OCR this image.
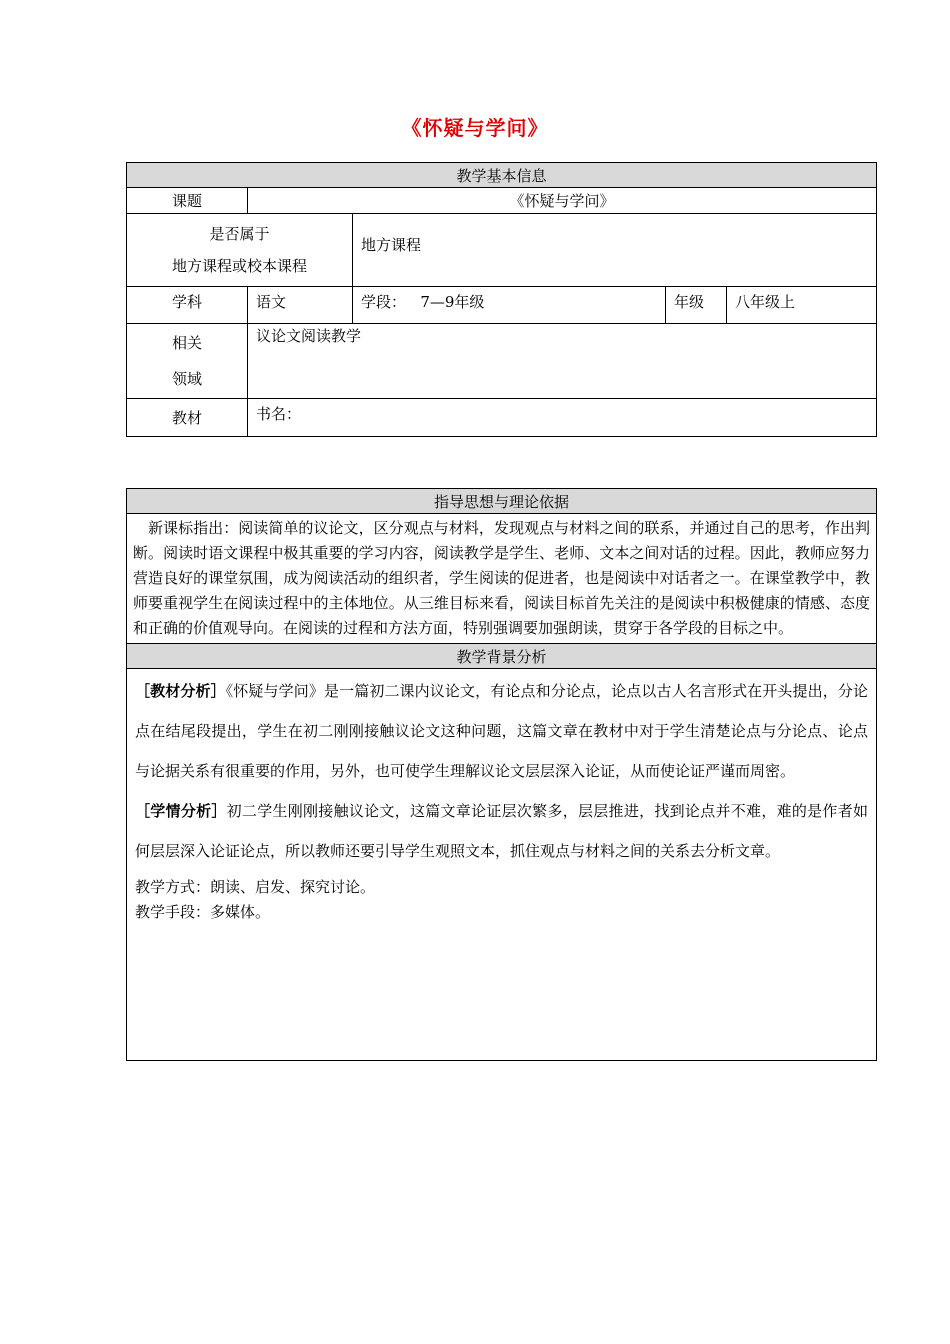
《怀疑与学问》
教学基本信息				
课题	《怀疑与学问》			

是否属于
地方课程或校本课程		地方课程		
学科	语文	学段： 7—9年级	年级	八年级上

相关
领域	议论文阅读教学			
教材	书名：			
指导思想与理论依据
新课标指出：阅读简单的议论文，区分观点与材料，发现观点与材料之间的联系，并通过自己的思考，作出判断。阅读时语文课程中极其重要的学习内容，阅读教学是学生、老师、文本之间对话的过程。因此，教师应努力营造良好的课堂氛围，成为阅读活动的组织者，学生阅读的促进者，也是阅读中对话者之一。在课堂教学中，教师要重视学生在阅读过程中的主体地位。从三维目标来看，阅读目标首先关注的是阅读中积极健康的情感、态度和正确的价值观导向。在阅读的过程和方法方面，特别强调要加强朗读，贯穿于各学段的目标之中。
教学背景分析

［教材分析］《怀疑与学问》是一篇初二课内议论文，有论点和分论点，论点以古人名言形式在开头提出，分论点在结尾段提出，学生在初二刚刚接触议论文这种问题，这篇文章在教材中对于学生清楚论点与分论点、论点与论据关系有很重要的作用，另外，也可使学生理解议论文层层深入论证，从而使论证严谨而周密。

［学情分析］初二学生刚刚接触议论文，这篇文章论证层次繁多，层层推进，找到论点并不难，难的是作者如何层层深入论证论点，所以教师还要引导学生观照文本，抓住观点与材料之间的关系去分析文章。

教学方式：朗读、启发、探究讨论。

教学手段：多媒体。
